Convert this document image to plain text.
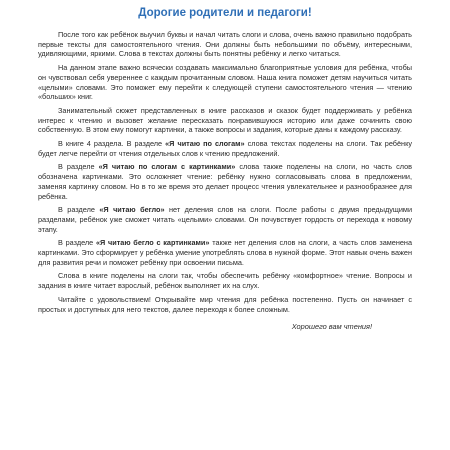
Дорогие родители и педагоги!

После того как ребёнок выучил буквы и начал читать слоги и слова, очень важно правильно подобрать первые тексты для самостоятельного чтения. Они должны быть небольшими по объёму, интересными, удивляющими, яркими. Слова в текстах должны быть понятны ребёнку и легко читаться.

На данном этапе важно всячески создавать максимально благоприятные условия для ребёнка, чтобы он чувствовал себя увереннее с каждым прочитанным словом. Наша книга поможет детям научиться читать «целыми» словами. Это поможет ему перейти к следующей ступени самостоятельного чтения — чтению «больших» книг.

Занимательный сюжет представленных в книге рассказов и сказок будет поддерживать у ребёнка интерес к чтению и вызовет желание пересказать понравившуюся историю или даже сочинить свою собственную. В этом ему помогут картинки, а также вопросы и задания, которые даны к каждому рассказу.

В книге 4 раздела. В разделе «Я читаю по слогам» слова текстах поделены на слоги. Так ребёнку будет легче перейти от чтения отдельных слов к чтению предложений.

В разделе «Я читаю по слогам с картинками» слова также поделены на слоги, но часть слов обозначена картинками. Это осложняет чтение: ребёнку нужно согласовывать слова в предложении, заменяя картинку словом. Но в то же время это делает процесс чтения увлекательнее и разнообразнее для ребёнка.

В разделе «Я читаю бегло» нет деления слов на слоги. После работы с двумя предыдущими разделами, ребёнок уже сможет читать «целыми» словами. Он почувствует гордость от перехода к новому этапу.

В разделе «Я читаю бегло с картинками» также нет деления слов на слоги, а часть слов заменена картинками. Это сформирует у ребёнка умение употреблять слова в нужной форме. Этот навык очень важен для развития речи и поможет ребёнку при освоении письма.

Слова в книге поделены на слоги так, чтобы обеспечить ребёнку «комфортное» чтение. Вопросы и задания в книге читает взрослый, ребёнок выполняет их на слух.

Читайте с удовольствием! Открывайте мир чтения для ребёнка постепенно. Пусть он начинает с простых и доступных для него текстов, далее переходя к более сложным.

Хорошего вам чтения!
